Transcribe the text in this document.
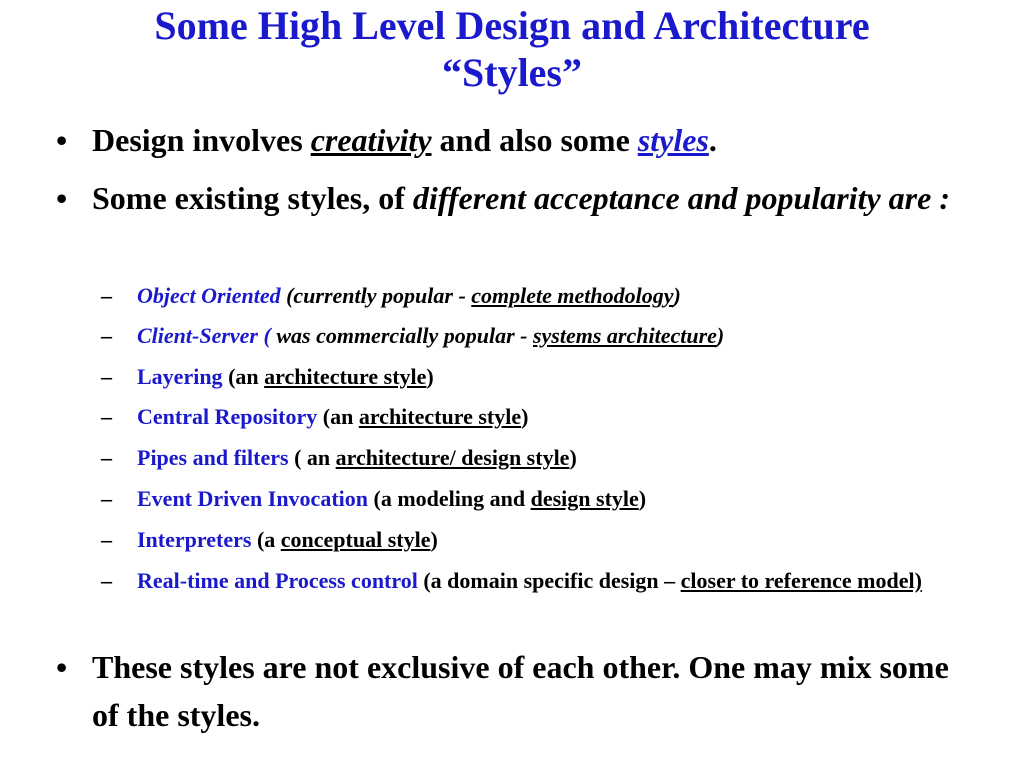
Some High Level Design and Architecture
“Styles”
• Design involves creativity and also some styles.
• Some existing styles, of different acceptance and popularity are :
–	Object Oriented (currently popular - complete methodology)
–	Client-Server ( was commercially popular - systems architecture)
–	Layering (an architecture style)
–	Central Repository (an architecture style)
–	Pipes and filters ( an architecture/ design style)
–	Event Driven Invocation (a modeling and design style)
–	Interpreters (a conceptual style)
–	Real-time and Process control (a domain specific design – closer to reference model)
• These styles are not exclusive of each other. One may mix some of the styles.
